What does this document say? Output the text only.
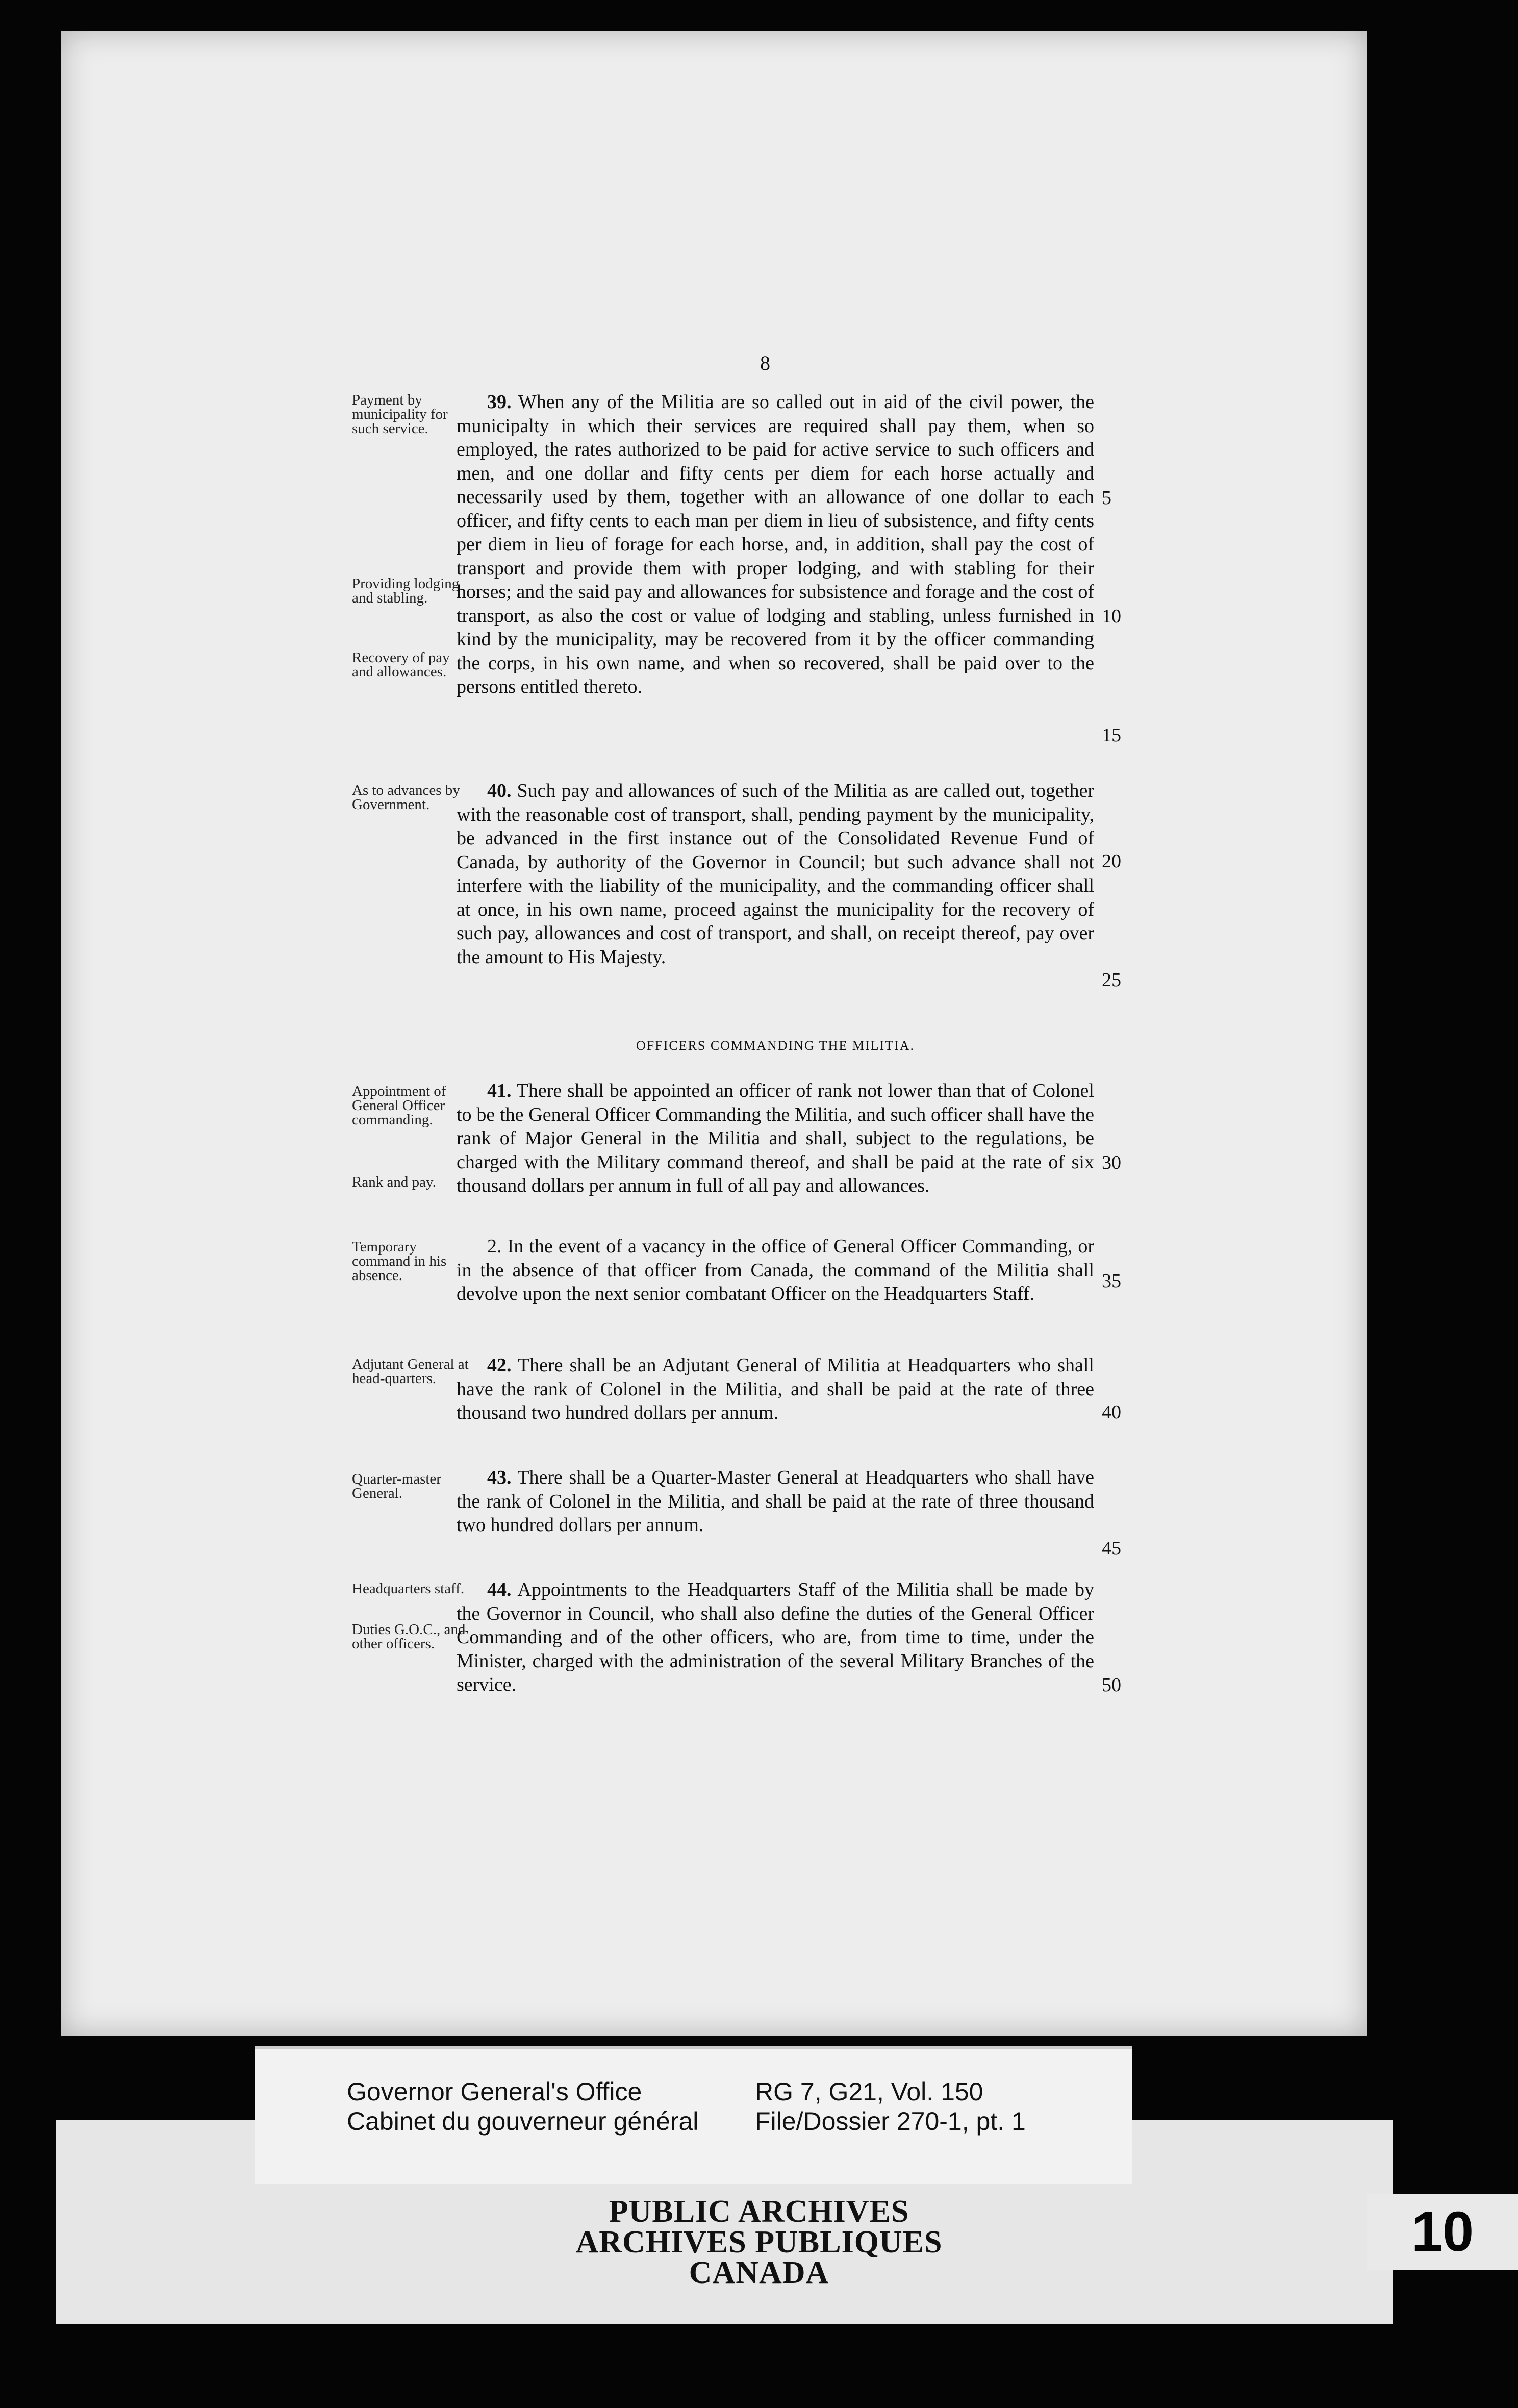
8
Payment by municipality for such service.
Providing lodging and stabling.
Recovery of pay and allowances.
As to advances by Government.
Appointment of General Officer commanding.
Rank and pay.
Temporary command in his absence.
Adjutant General at head-quarters.
Quarter-master General.
Headquarters staff.
Duties G.O.C., and other officers.
39. When any of the Militia are so called out in aid of the civil power, the municipalty in which their services are required shall pay them, when so employed, the rates authorized to be paid for active service to such officers and men, and one dollar and fifty cents per diem for each horse actually and necessarily used by them, together with an allowance of one dollar to each officer, and fifty cents to each man per diem in lieu of subsistence, and fifty cents per diem in lieu of forage for each horse, and, in addition, shall pay the cost of transport and provide them with proper lodging, and with stabling for their horses; and the said pay and allowances for subsistence and forage and the cost of transport, as also the cost or value of lodging and stabling, unless furnished in kind by the municipality, may be recovered from it by the officer commanding the corps, in his own name, and when so recovered, shall be paid over to the persons entitled thereto.
40. Such pay and allowances of such of the Militia as are called out, together with the reasonable cost of transport, shall, pending payment by the municipality, be advanced in the first instance out of the Consolidated Revenue Fund of Canada, by authority of the Governor in Council; but such advance shall not interfere with the liability of the municipality, and the commanding officer shall at once, in his own name, proceed against the municipality for the recovery of such pay, allowances and cost of transport, and shall, on receipt thereof, pay over the amount to His Majesty.
OFFICERS COMMANDING THE MILITIA.
41. There shall be appointed an officer of rank not lower than that of Colonel to be the General Officer Commanding the Militia, and such officer shall have the rank of Major General in the Militia and shall, subject to the regulations, be charged with the Military command thereof, and shall be paid at the rate of six thousand dollars per annum in full of all pay and allowances.
2. In the event of a vacancy in the office of General Officer Commanding, or in the absence of that officer from Canada, the command of the Militia shall devolve upon the next senior combatant Officer on the Headquarters Staff.
42. There shall be an Adjutant General of Militia at Headquarters who shall have the rank of Colonel in the Militia, and shall be paid at the rate of three thousand two hundred dollars per annum.
43. There shall be a Quarter-Master General at Headquarters who shall have the rank of Colonel in the Militia, and shall be paid at the rate of three thousand two hundred dollars per annum.
44. Appointments to the Headquarters Staff of the Militia shall be made by the Governor in Council, who shall also define the duties of the General Officer Commanding and of the other officers, who are, from time to time, under the Minister, charged with the administration of the several Military Branches of the service.
5
10
15
20
25
30
35
40
45
50
Governor General's Office
Cabinet du gouverneur général
RG 7, G21, Vol. 150
File/Dossier 270-1, pt. 1
PUBLIC ARCHIVES
ARCHIVES PUBLIQUES
CANADA
10
